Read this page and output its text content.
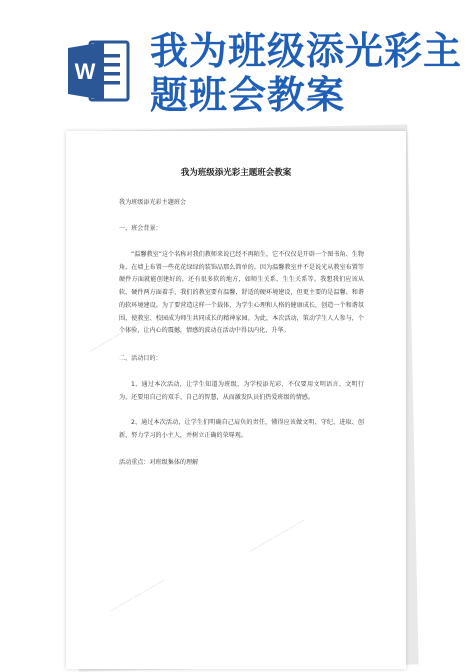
W 我为班级添光彩主
题班会教案
我为班级添光彩主题班会教案
我为班级添光彩主题班会
一、班会背景：
“温馨教室”这个名称对我们教师来说已经不再陌生，它不仅仅是开辟一个图书角、生物角，在墙上布置一些花花绿绿的装饰品那么简单的。因为温馨教室并不是说光从教室布置等硬件方面就能创建好的，还有很多软的地方，如师生关系、生生关系等。我想我们应该从软、硬件两方面着手，我们的教室要有温馨，舒适的硬环境建设，但更主要的是温馨、和谐的软环境建设。为了要营造这样一个载体，为学生心理和人格的健康成长，创造一个和谐氛围，使教室、校园成为师生共同成长的精神家园。为此，本次活动，策动学生人人参与，个个体验，让内心的震撼，情感的波动在活动中得以内化、升华。
二、活动目的：
1、通过本次活动，让学生知道为班级、为学校添光彩，不仅要用文明语言、文明行为，还要用自己的双手、自己的智慧，从而激发队员们热爱班级的情感。
2、通过本次活动，让学生们明确自己肩负的责任，懂得应该做文明、守纪、进取、创新、努力学习的小主人，并树立正确的荣辱观。
活动重点：对班级集体的理解
———————
———————
———————
